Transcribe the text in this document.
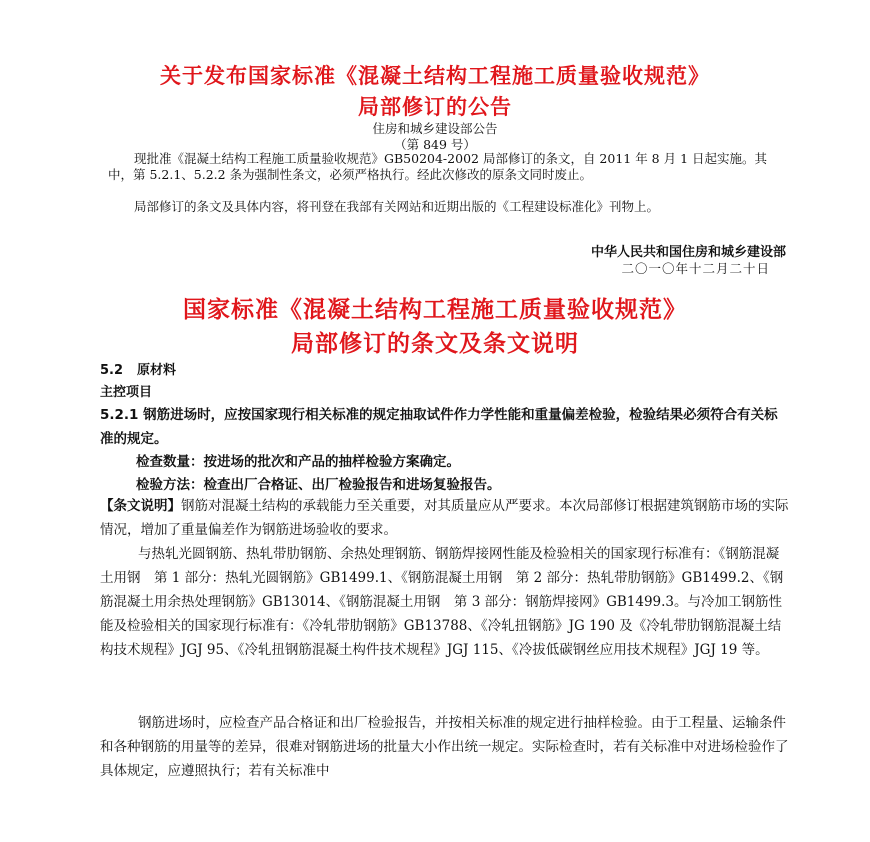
关于发布国家标准《混凝土结构工程施工质量验收规范》
局部修订的公告
住房和城乡建设部公告
（第 849 号）

现批准《混凝土结构工程施工质量验收规范》GB50204-2002 局部修订的条文，自 2011 年 8 月 1 日起实施。其中，第 5.2.1、5.2.2 条为强制性条文，必须严格执行。经此次修改的原条文同时废止。

局部修订的条文及具体内容，将刊登在我部有关网站和近期出版的《工程建设标准化》刊物上。

中华人民共和国住房和城乡建设部
二〇一〇年十二月二十日
国家标准《混凝土结构工程施工质量验收规范》
局部修订的条文及条文说明
5.2 原材料
主控项目

5.2.1 钢筋进场时，应按国家现行相关标准的规定抽取试件作力学性能和重量偏差检验，检验结果必须符合有关标准的规定。

检查数量：按进场的批次和产品的抽样检验方案确定。
检验方法：检查出厂合格证、出厂检验报告和进场复验报告。

【条文说明】钢筋对混凝土结构的承载能力至关重要，对其质量应从严要求。本次局部修订根据建筑钢筋市场的实际情况，增加了重量偏差作为钢筋进场验收的要求。

与热轧光圆钢筋、热轧带肋钢筋、余热处理钢筋、钢筋焊接网性能及检验相关的国家现行标准有：《钢筋混凝土用钢　第 1 部分：热轧光圆钢筋》GB1499.1、《钢筋混凝土用钢　第 2 部分：热轧带肋钢筋》GB1499.2、《钢筋混凝土用余热处理钢筋》GB13014、《钢筋混凝土用钢　第 3 部分：钢筋焊接网》GB1499.3。与冷加工钢筋性能及检验相关的国家现行标准有：《冷轧带肋钢筋》GB13788、《冷轧扭钢筋》JG 190 及《冷轧带肋钢筋混凝土结构技术规程》JGJ 95、《冷轧扭钢筋混凝土构件技术规程》JGJ 115、《冷拔低碳钢丝应用技术规程》JGJ 19 等。

钢筋进场时，应检查产品合格证和出厂检验报告，并按相关标准的规定进行抽样检验。由于工程量、运输条件和各种钢筋的用量等的差异，很难对钢筋进场的批量大小作出统一规定。实际检查时，若有关标准中对进场检验作了具体规定，应遵照执行；若有关标准中
